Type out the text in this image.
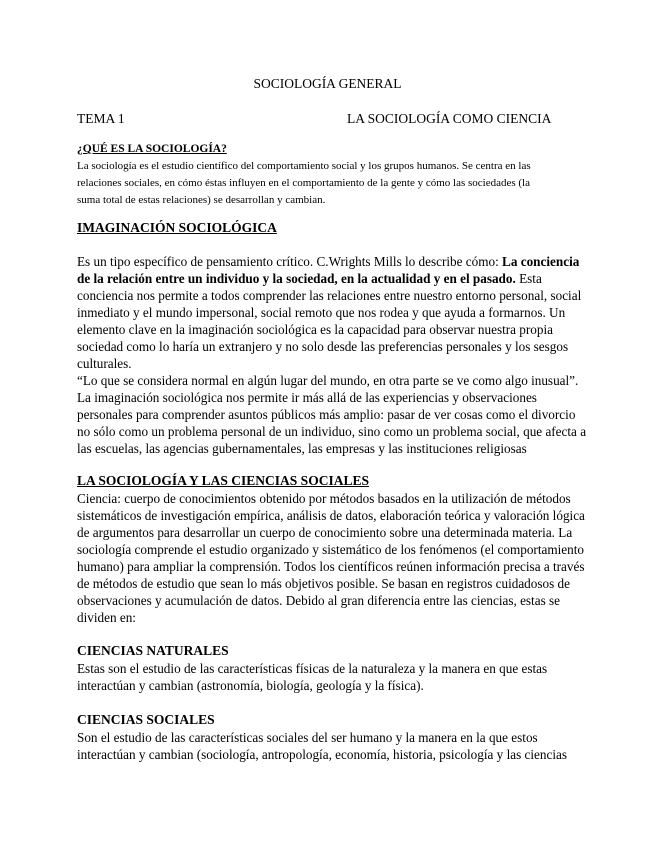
SOCIOLOGÍA GENERAL
TEMA 1	LA SOCIOLOGÍA COMO CIENCIA
¿QUÉ ES LA SOCIOLOGÍA?
La sociología es el estudio científico del comportamiento social y los grupos humanos. Se centra en las
relaciones sociales, en cómo éstas influyen en el comportamiento de la gente y cómo las sociedades (la
suma total de estas relaciones) se desarrollan y cambian.
IMAGINACIÓN SOCIOLÓGICA
Es un tipo específico de pensamiento crítico. C.Wrights Mills lo describe cómo: La conciencia
de la relación entre un individuo y la sociedad, en la actualidad y en el pasado. Esta
conciencia nos permite a todos comprender las relaciones entre nuestro entorno personal, social
inmediato y el mundo impersonal, social remoto que nos rodea y que ayuda a formarnos. Un
elemento clave en la imaginación sociológica es la capacidad para observar nuestra propia
sociedad como lo haría un extranjero y no solo desde las preferencias personales y los sesgos
culturales.
“Lo que se considera normal en algún lugar del mundo, en otra parte se ve como algo inusual”.
La imaginación sociológica nos permite ir más allá de las experiencias y observaciones
personales para comprender asuntos públicos más amplio: pasar de ver cosas como el divorcio
no sólo como un problema personal de un individuo, sino como un problema social, que afecta a
las escuelas, las agencias gubernamentales, las empresas y las instituciones religiosas
LA SOCIOLOGÍA Y LAS CIENCIAS SOCIALES
Ciencia: cuerpo de conocimientos obtenido por métodos basados en la utilización de métodos
sistemáticos de investigación empírica, análisis de datos, elaboración teórica y valoración lógica
de argumentos para desarrollar un cuerpo de conocimiento sobre una determinada materia. La
sociología comprende el estudio organizado y sistemático de los fenómenos (el comportamiento
humano) para ampliar la comprensión. Todos los científicos reúnen información precisa a través
de métodos de estudio que sean lo más objetivos posible. Se basan en registros cuidadosos de
observaciones y acumulación de datos. Debido al gran diferencia entre las ciencias, estas se
dividen en:
CIENCIAS NATURALES
Estas son el estudio de las características físicas de la naturaleza y la manera en que estas
interactúan y cambian (astronomía, biología, geología y la física).
CIENCIAS SOCIALES
Son el estudio de las características sociales del ser humano y la manera en la que estos
interactúan y cambian (sociología, antropología, economía, historia, psicología y las ciencias
